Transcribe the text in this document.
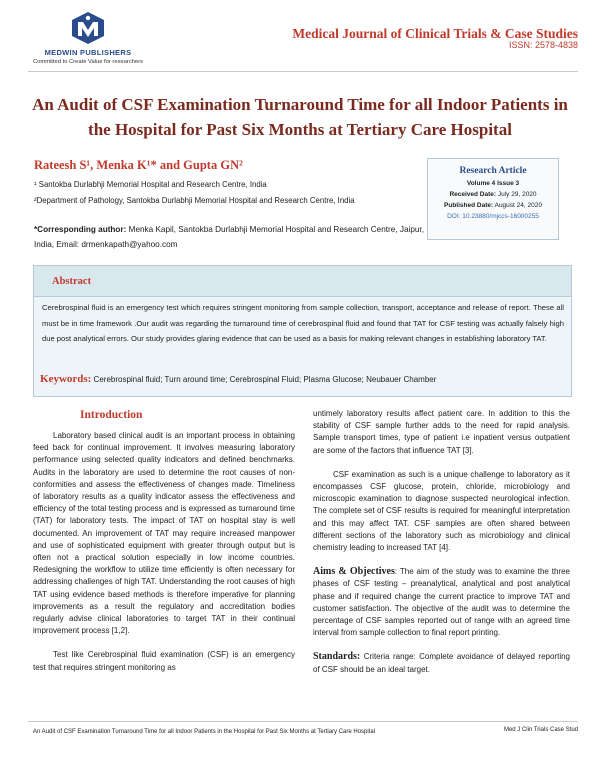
MEDWIN PUBLISHERS
Committed to Create Value for researchers
Medical Journal of Clinical Trials & Case Studies
ISSN: 2578-4838
An Audit of CSF Examination Turnaround Time for all Indoor Patients in the Hospital for Past Six Months at Tertiary Care Hospital
Rateesh S¹, Menka K¹* and Gupta GN²
¹ Santokba Durlabhji Memorial Hospital and Research Centre, India
²Department of Pathology, Santokba Durlabhji Memorial Hospital and Research Centre, India
*Corresponding author: Menka Kapil, Santokba Durlabhji Memorial Hospital and Research Centre, Jaipur, India, Email: drmenkapath@yahoo.com
Research Article
Volume 4 Issue 3
Received Date: July 29, 2020
Published Date: August 24, 2020
DOI: 10.23880/mjccs-16000255
Abstract
Cerebrospinal fluid is an emergency test which requires stringent monitoring from sample collection, transport, acceptance and release of report. These all must be in time framework .Our audit was regarding the turnaround time of cerebrospinal fluid and found that TAT for CSF testing was actually falsely high due post analytical errors. Our study provides glaring evidence that can be used as a basis for making relevant changes in establishing laboratory TAT.
Keywords: Cerebrospinal fluid; Turn around time; Cerebrospinal Fluid; Plasma Glucose; Neubauer Chamber
Introduction

Laboratory based clinical audit is an important process in obtaining feed back for continual improvement. It involves measuring laboratory performance using selected quality indicators and defined benchmarks. Audits in the laboratory are used to determine the root causes of non- conformities and assess the effectiveness of changes made. Timeliness of laboratory results as a quality indicator assess the effectiveness and efficiency of the total testing process and is expressed as turnaround time (TAT) for laboratory tests. The impact of TAT on hospital stay is well documented. An improvement of TAT may require increased manpower and use of sophisticated equipment with greater through output but is often not a practical solution especially in low income countries. Redesigning the workflow to utilize time efficiently is often necessary for addressing challenges of high TAT. Understanding the root causes of high TAT using evidence based methods is therefore imperative for planning improvements as a result the regulatory and accreditation bodies regularly advise clinical laboratories to target TAT in their continual improvement process [1,2].

Test like Cerebrospinal fluid examination (CSF) is an emergency test that requires stringent monitoring as

untimely laboratory results affect patient care. In addition to this the stability of CSF sample further adds to the need for rapid analysis. Sample transport times, type of patient i.e inpatient versus outpatient are some of the factors that influence TAT [3].

CSF examination as such is a unique challenge to laboratory as it encompasses CSF glucose, protein, chloride, microbiology and microscopic examination to diagnose suspected neurological infection. The complete set of CSF results is required for meaningful interpretation and this may affect TAT. CSF samples are often shared between different sections of the laboratory such as microbiology and clinical chemistry leading to increased TAT [4].

Aims & Objectives: The aim of the study was to examine the three phases of CSF testing – preanalytical, analytical and post analytical phase and if required change the current practice to improve TAT and customer satisfaction. The objective of the audit was to determine the percentage of CSF samples reported out of range with an agreed time interval from sample collection to final report printing.

Standards: Criteria range: Complete avoidance of delayed reporting of CSF should be an ideal target.

An Audit of CSF Examination Turnaround Time for all Indoor Patients in the Hospital for Past Six Months at Tertiary Care Hospital	Med J Clin Trials Case Stud
